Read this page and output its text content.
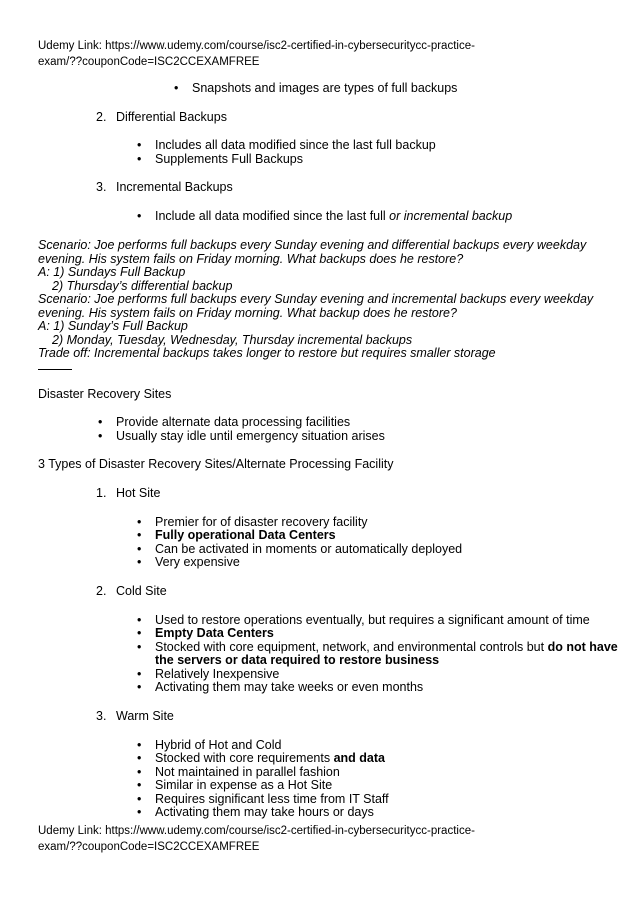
Udemy Link: https://www.udemy.com/course/isc2-certified-in-cybersecuritycc-practice-
exam/??couponCode=ISC2CCEXAMFREE
• Snapshots and images are types of full backups
2. Differential Backups
• Includes all data modified since the last full backup
• Supplements Full Backups
3. Incremental Backups
• Include all data modified since the last full or incremental backup
Scenario: Joe performs full backups every Sunday evening and differential backups every weekday
evening. His system fails on Friday morning. What backups does he restore?
A: 1) Sundays Full Backup
2) Thursday’s differential backup
Scenario: Joe performs full backups every Sunday evening and incremental backups every weekday
evening. His system fails on Friday morning. What backup does he restore?
A: 1) Sunday’s Full Backup
2) Monday, Tuesday, Wednesday, Thursday incremental backups
Trade off: Incremental backups takes longer to restore but requires smaller storage
Disaster Recovery Sites
• Provide alternate data processing facilities
• Usually stay idle until emergency situation arises
3 Types of Disaster Recovery Sites/Alternate Processing Facility
1. Hot Site
• Premier for of disaster recovery facility
• Fully operational Data Centers
• Can be activated in moments or automatically deployed
• Very expensive
2. Cold Site
• Used to restore operations eventually, but requires a significant amount of time
• Empty Data Centers
• Stocked with core equipment, network, and environmental controls but do not have
the servers or data required to restore business
• Relatively Inexpensive
• Activating them may take weeks or even months
3. Warm Site
• Hybrid of Hot and Cold
• Stocked with core requirements and data
• Not maintained in parallel fashion
• Similar in expense as a Hot Site
• Requires significant less time from IT Staff
• Activating them may take hours or days
Udemy Link: https://www.udemy.com/course/isc2-certified-in-cybersecuritycc-practice-
exam/??couponCode=ISC2CCEXAMFREE
